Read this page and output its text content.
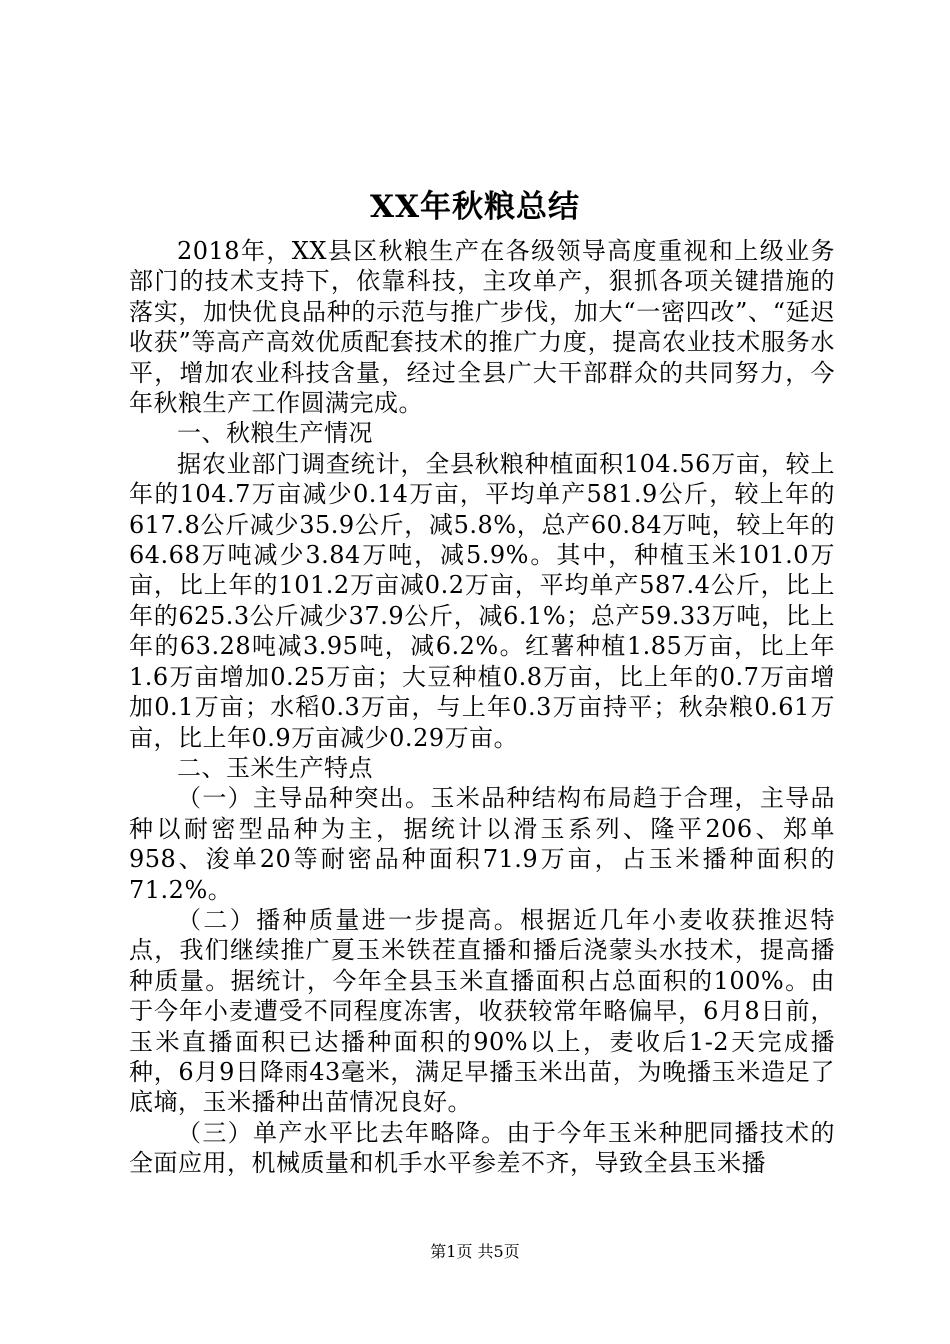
XX年秋粮总结

2018年，XX县区秋粮生产在各级领导高度重视和上级业务部门的技术支持下，依靠科技，主攻单产，狠抓各项关键措施的落实，加快优良品种的示范与推广步伐，加大“一密四改”、“延迟收获”等高产高效优质配套技术的推广力度，提高农业技术服务水平，增加农业科技含量，经过全县广大干部群众的共同努力，今年秋粮生产工作圆满完成。

一、秋粮生产情况

据农业部门调查统计，全县秋粮种植面积104.56万亩，较上年的104.7万亩减少0.14万亩，平均单产581.9公斤，较上年的617.8公斤减少35.9公斤，减5.8%，总产60.84万吨，较上年的64.68万吨减少3.84万吨，减5.9%。其中，种植玉米101.0万亩，比上年的101.2万亩减0.2万亩，平均单产587.4公斤，比上年的625.3公斤减少37.9公斤，减6.1%；总产59.33万吨，比上年的63.28吨减3.95吨，减6.2%。红薯种植1.85万亩，比上年1.6万亩增加0.25万亩；大豆种植0.8万亩，比上年的0.7万亩增加0.1万亩；水稻0.3万亩，与上年0.3万亩持平；秋杂粮0.61万亩，比上年0.9万亩减少0.29万亩。

二、玉米生产特点

（一）主导品种突出。玉米品种结构布局趋于合理，主导品种以耐密型品种为主，据统计以滑玉系列、隆平206、郑单958、浚单20等耐密品种面积71.9万亩，占玉米播种面积的71.2%。

（二）播种质量进一步提高。根据近几年小麦收获推迟特点，我们继续推广夏玉米铁茬直播和播后浇蒙头水技术，提高播种质量。据统计，今年全县玉米直播面积占总面积的100%。由于今年小麦遭受不同程度冻害，收获较常年略偏早，6月8日前，玉米直播面积已达播种面积的90%以上，麦收后1-2天完成播种，6月9日降雨43毫米，满足早播玉米出苗，为晚播玉米造足了底墒，玉米播种出苗情况良好。

（三）单产水平比去年略降。由于今年玉米种肥同播技术的全面应用，机械质量和机手水平参差不齐，导致全县玉米播

第1页 共5页
